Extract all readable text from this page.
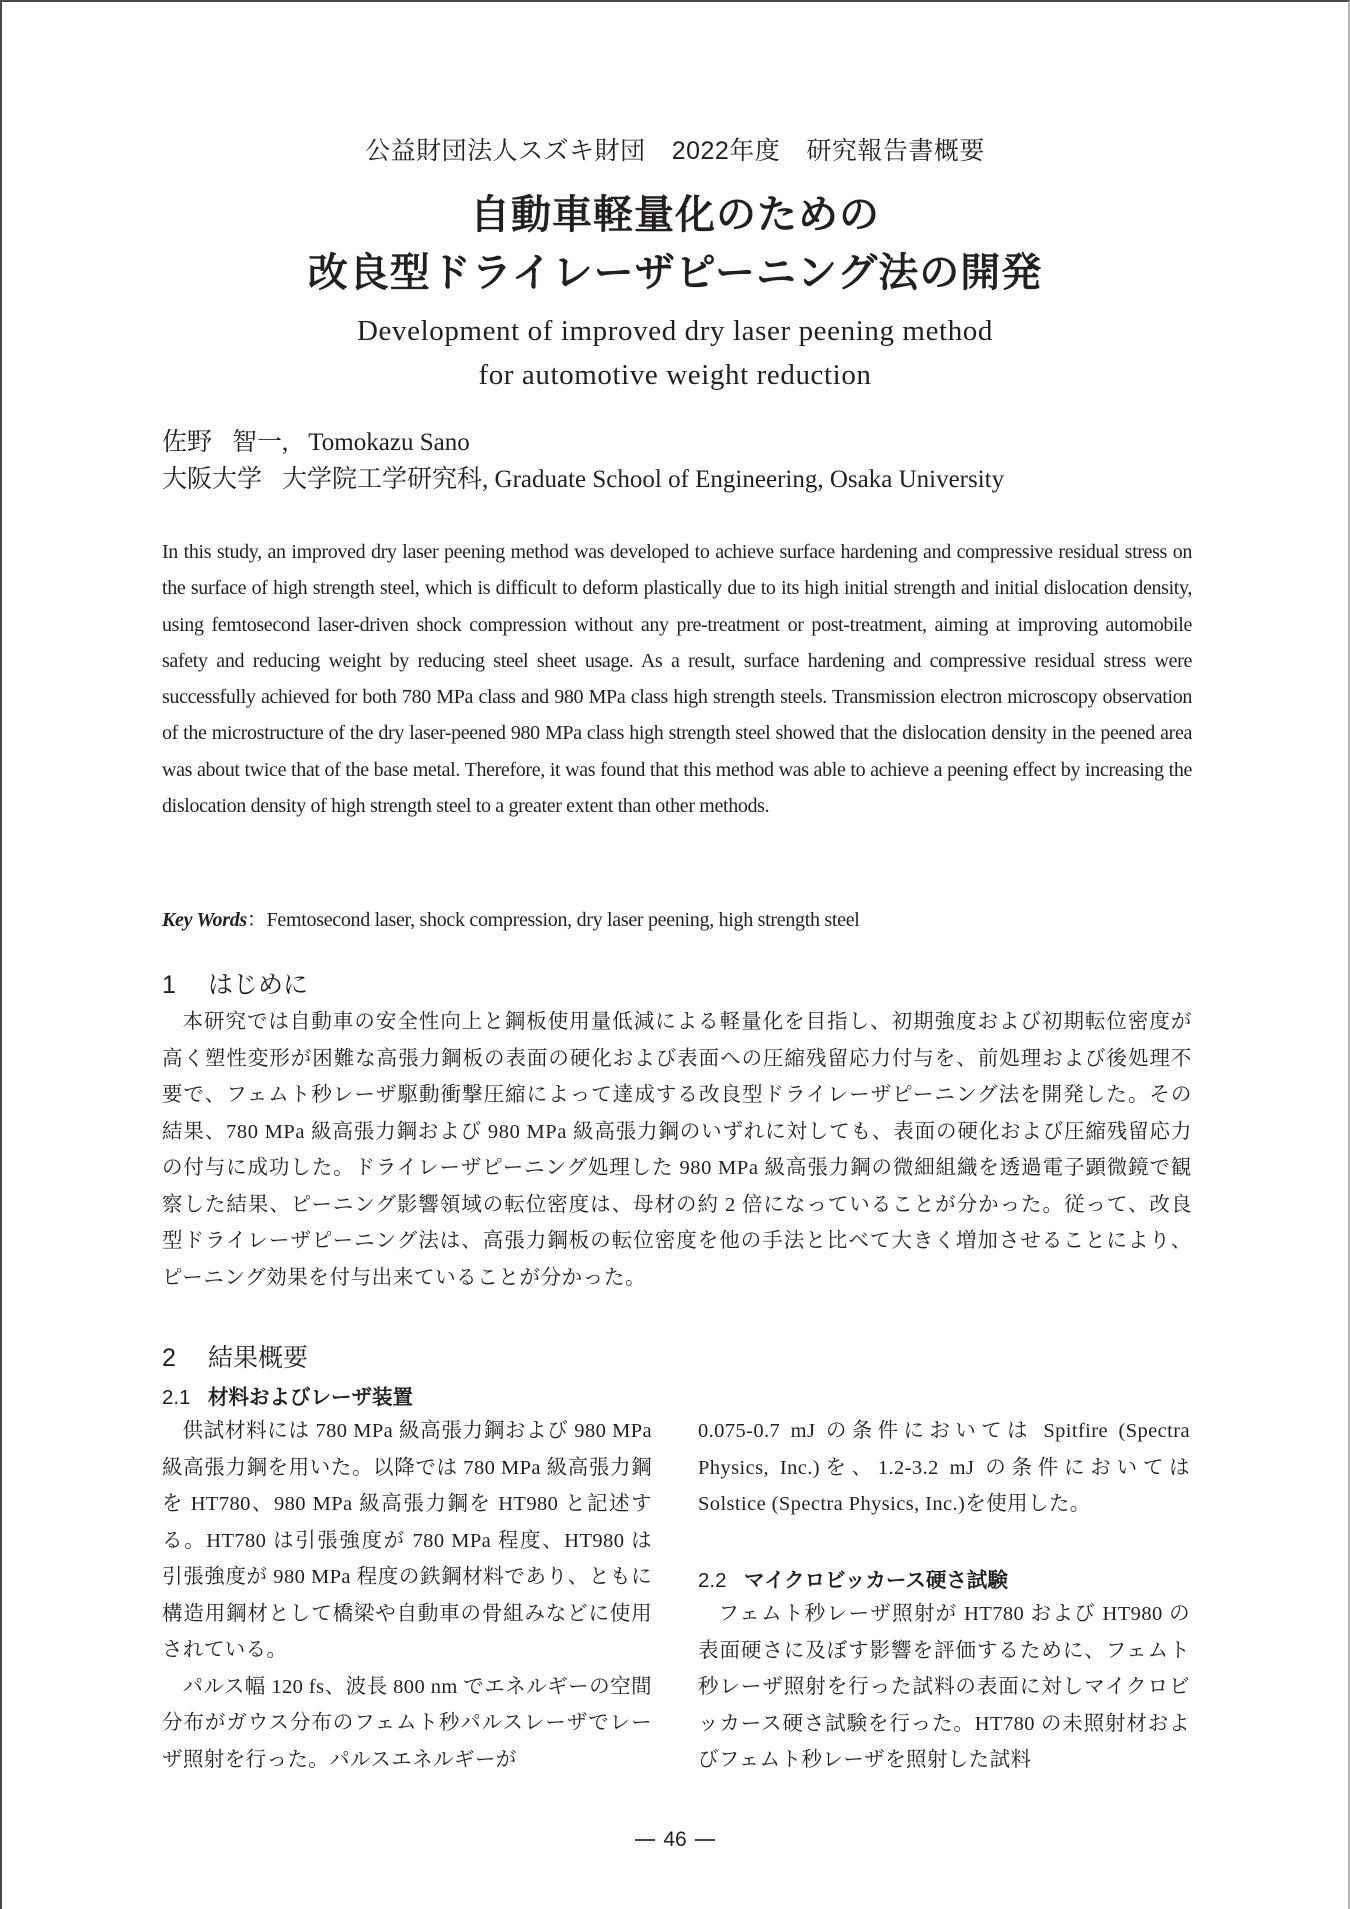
公益財団法人スズキ財団 2022年度 研究報告書概要
自動車軽量化のための
改良型ドライレーザピーニング法の開発
Development of improved dry laser peening method
for automotive weight reduction
佐野 智一, Tomokazu Sano
大阪大学 大学院工学研究科, Graduate School of Engineering, Osaka University

In this study, an improved dry laser peening method was developed to achieve surface hardening and compressive residual stress on the surface of high strength steel, which is difficult to deform plastically due to its high initial strength and initial dislocation density, using femtosecond laser-driven shock compression without any pre-treatment or post-treatment, aiming at improving automobile safety and reducing weight by reducing steel sheet usage. As a result, surface hardening and compressive residual stress were successfully achieved for both 780 MPa class and 980 MPa class high strength steels. Transmission electron microscopy observation of the microstructure of the dry laser-peened 980 MPa class high strength steel showed that the dislocation density in the peened area was about twice that of the base metal. Therefore, it was found that this method was able to achieve a peening effect by increasing the dislocation density of high strength steel to a greater extent than other methods.

Key Words：Femtosecond laser, shock compression, dry laser peening, high strength steel
1 はじめに

本研究では自動車の安全性向上と鋼板使用量低減による軽量化を目指し、初期強度および初期転位密度が高く塑性変形が困難な高張力鋼板の表面の硬化および表面への圧縮残留応力付与を、前処理および後処理不要で、フェムト秒レーザ駆動衝撃圧縮によって達成する改良型ドライレーザピーニング法を開発した。その結果、780 MPa 級高張力鋼および 980 MPa 級高張力鋼のいずれに対しても、表面の硬化および圧縮残留応力の付与に成功した。ドライレーザピーニング処理した 980 MPa 級高張力鋼の微細組織を透過電子顕微鏡で観察した結果、ピーニング影響領域の転位密度は、母材の約 2 倍になっていることが分かった。従って、改良型ドライレーザピーニング法は、高張力鋼板の転位密度を他の手法と比べて大きく増加させることにより、ピーニング効果を付与出来ていることが分かった。

2 結果概要
2.1 材料およびレーザ装置

供試材料には 780 MPa 級高張力鋼および 980 MPa 級高張力鋼を用いた。以降では 780 MPa 級高張力鋼を HT780、980 MPa 級高張力鋼を HT980 と記述する。HT780 は引張強度が 780 MPa 程度、HT980 は引張強度が 980 MPa 程度の鉄鋼材料であり、ともに構造用鋼材として橋梁や自動車の骨組みなどに使用されている。

パルス幅 120 fs、波長 800 nm でエネルギーの空間分布がガウス分布のフェムト秒パルスレーザでレーザ照射を行った。パルスエネルギーが

0.075-0.7 mJ の条件においては Spitfire (Spectra Physics, Inc.)を、1.2-3.2 mJ の条件においては Solstice (Spectra Physics, Inc.)を使用した。

2.2 マイクロビッカース硬さ試験

フェムト秒レーザ照射が HT780 および HT980 の表面硬さに及ぼす影響を評価するために、フェムト秒レーザ照射を行った試料の表面に対しマイクロビッカース硬さ試験を行った。HT780 の未照射材およびフェムト秒レーザを照射した試料

46
